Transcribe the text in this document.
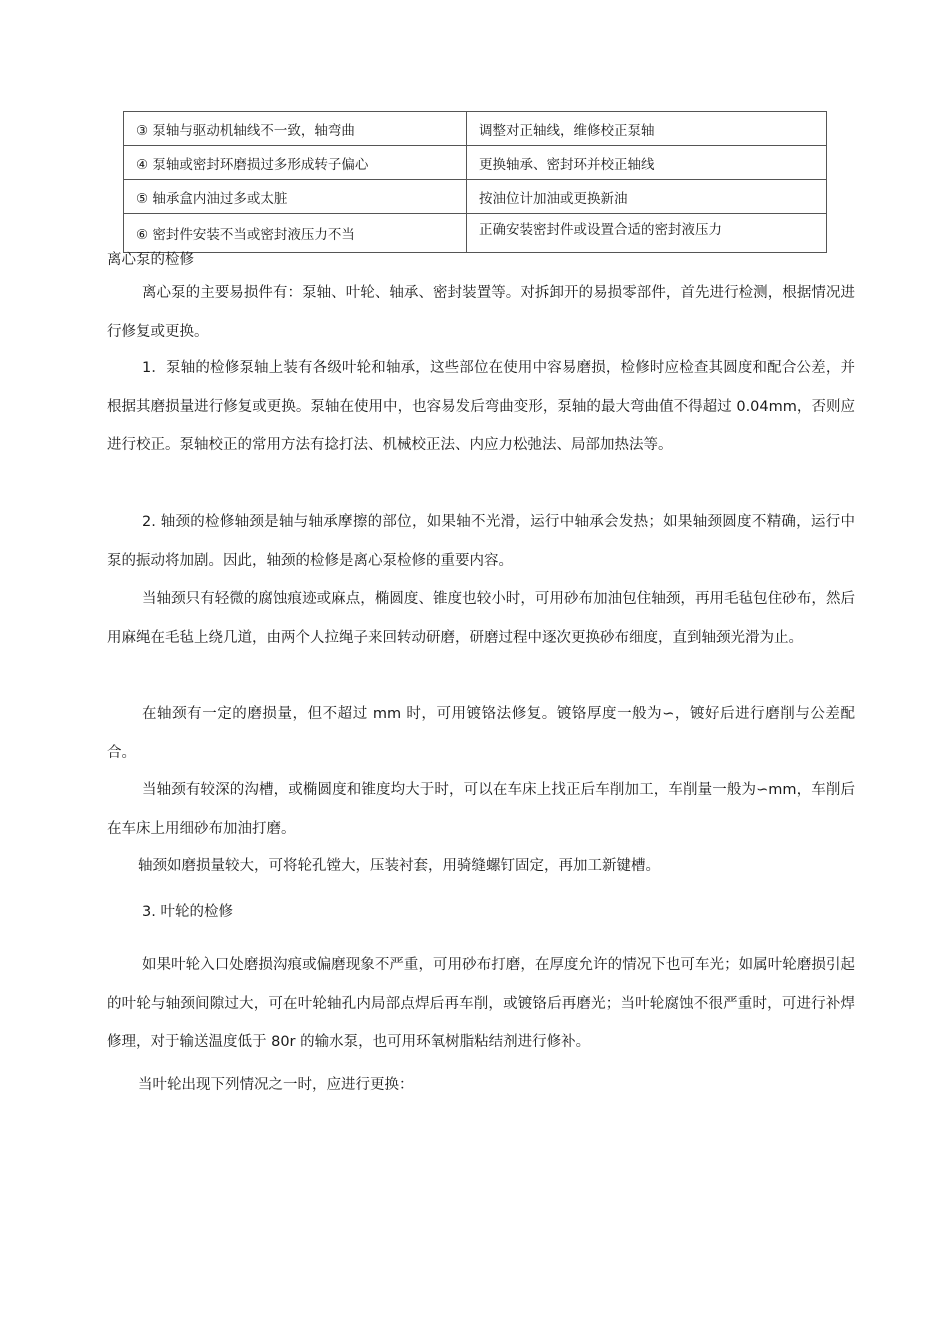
③ 泵轴与驱动机轴线不一致，轴弯曲	调整对正轴线，维修校正泵轴
④ 泵轴或密封环磨损过多形成转子偏心	更换轴承、密封环并校正轴线
⑤ 轴承盒内油过多或太脏	按油位计加油或更换新油
⑥ 密封件安装不当或密封液压力不当	正确安装密封件或设置合适的密封液压力
离心泵的检修

离心泵的主要易损件有：泵轴、叶轮、轴承、密封装置等。对拆卸开的易损零部件，首先进行检测，根据情况进行修复或更换。

1．泵轴的检修泵轴上装有各级叶轮和轴承，这些部位在使用中容易磨损，检修时应检查其圆度和配合公差，并根据其磨损量进行修复或更换。泵轴在使用中，也容易发后弯曲变形，泵轴的最大弯曲值不得超过 0.04mm，否则应进行校正。泵轴校正的常用方法有捻打法、机械校正法、内应力松弛法、局部加热法等。

2. 轴颈的检修轴颈是轴与轴承摩擦的部位，如果轴不光滑，运行中轴承会发热；如果轴颈圆度不精确，运行中泵的振动将加剧。因此，轴颈的检修是离心泵检修的重要内容。

当轴颈只有轻微的腐蚀痕迹或麻点，椭圆度、锥度也较小时，可用砂布加油包住轴颈，再用毛毡包住砂布，然后用麻绳在毛毡上绕几道，由两个人拉绳子来回转动研磨，研磨过程中逐次更换砂布细度，直到轴颈光滑为止。

在轴颈有一定的磨损量，但不超过 mm 时，可用镀铬法修复。镀铬厚度一般为∽，镀好后进行磨削与公差配合。

当轴颈有较深的沟槽，或椭圆度和锥度均大于时，可以在车床上找正后车削加工，车削量一般为∽mm，车削后在车床上用细砂布加油打磨。

轴颈如磨损量较大，可将轮孔镗大，压装衬套，用骑缝螺钉固定，再加工新键槽。

3. 叶轮的检修

如果叶轮入口处磨损沟痕或偏磨现象不严重，可用砂布打磨，在厚度允许的情况下也可车光；如属叶轮磨损引起的叶轮与轴颈间隙过大，可在叶轮轴孔内局部点焊后再车削，或镀铬后再磨光；当叶轮腐蚀不很严重时，可进行补焊修理，对于输送温度低于 80r 的输水泵，也可用环氧树脂粘结剂进行修补。

当叶轮出现下列情况之一时，应进行更换：
